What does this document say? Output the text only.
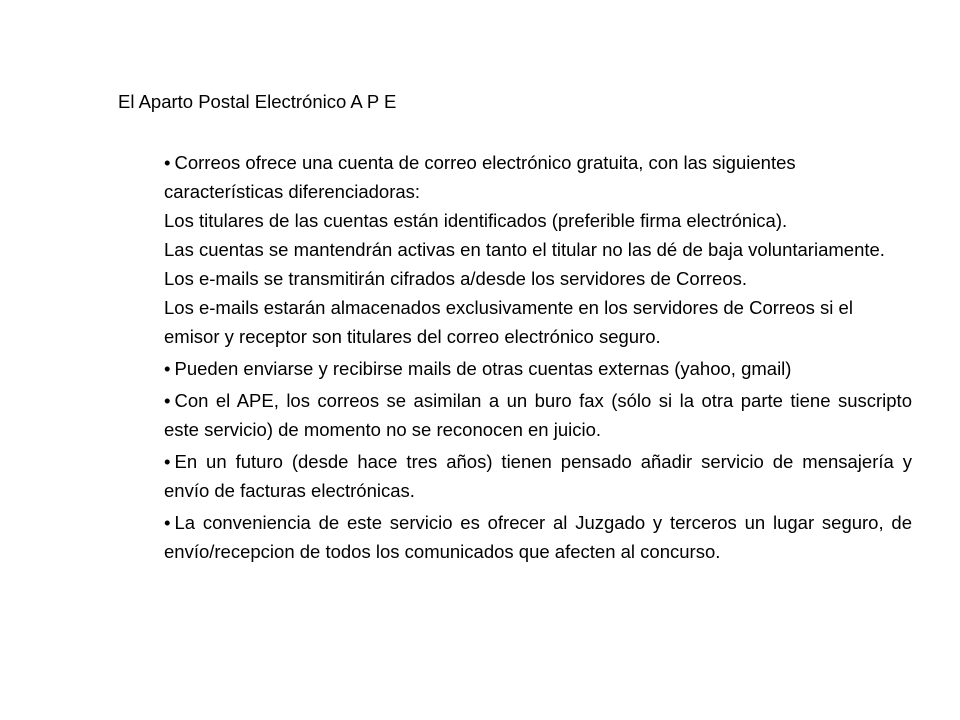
El Aparto Postal Electrónico A P E

• Correos ofrece una cuenta de correo electrónico gratuita, con las siguientes características diferenciadoras:

Los titulares de las cuentas están identificados (preferible firma electrónica).

Las cuentas se mantendrán activas en tanto el titular no las dé de baja voluntariamente.

Los e-mails se transmitirán cifrados a/desde los servidores de Correos.

Los e-mails estarán almacenados exclusivamente en los servidores de Correos si el emisor y receptor son titulares del correo electrónico seguro.

• Pueden enviarse y recibirse mails de otras cuentas externas (yahoo, gmail)

• Con el APE, los correos se asimilan a un buro fax (sólo si la otra parte tiene suscripto este servicio) de momento no se reconocen en juicio.

• En un futuro (desde hace tres años) tienen pensado añadir servicio de mensajería y envío de facturas electrónicas.

• La conveniencia de este servicio es ofrecer al Juzgado y terceros un lugar seguro, de envío/recepcion de todos los comunicados que afecten al concurso.
